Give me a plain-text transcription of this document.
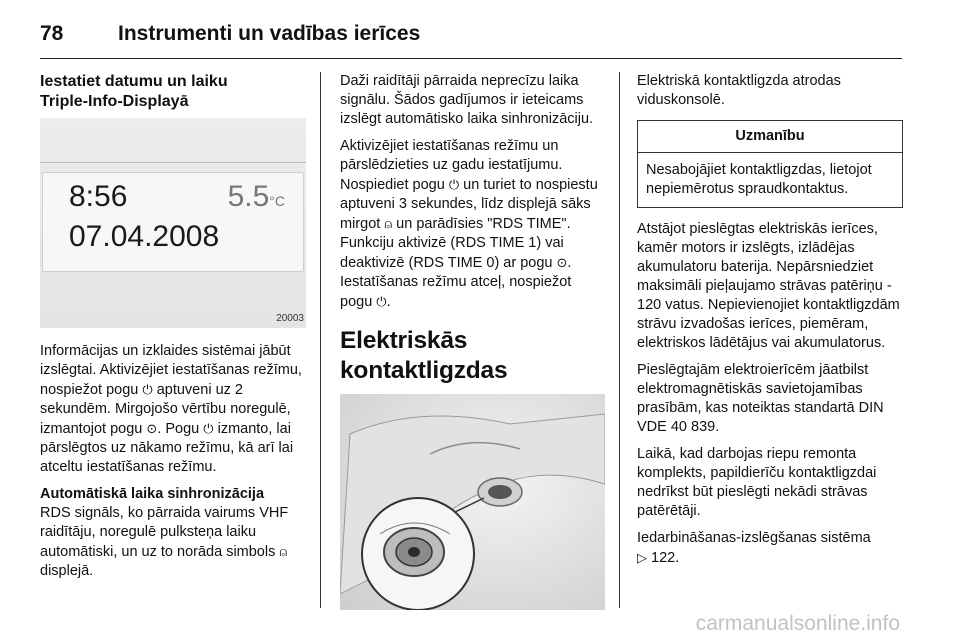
78	Instrumenti un vadības ierīces
Iestatiet datumu un laiku
Triple-Info-Displayā
8:56	5.5°C
07.04.2008
20003

Informācijas un izklaides sistēmai jābūt izslēgtai. Aktivizējiet iestatīšanas režīmu, nospiežot pogu ⏻ aptuveni uz 2 sekundēm. Mirgojošo vērtību noregulē, izmantojot pogu ⊙. Pogu ⏻ izmanto, lai pārslēgtos uz nākamo režīmu, kā arī lai atceltu iestatīšanas režīmu.

Automātiskā laika sinhronizācija

RDS signāls, ko pārraida vairums VHF raidītāju, noregulē pulksteņa laiku automātiski, un uz to norāda simbols ⍝ displejā.

Daži raidītāji pārraida neprecīzu laika signālu. Šādos gadījumos ir ieteicams izslēgt automātisko laika sinhronizāciju.

Aktivizējiet iestatīšanas režīmu un pārslēdzieties uz gadu iestatījumu. Nospiediet pogu ⏻ un turiet to nospiestu aptuveni 3 sekundes, līdz displejā sāks mirgot ⍝ un parādīsies "RDS TIME". Funkciju aktivizē (RDS TIME 1) vai deaktivizē (RDS TIME 0) ar pogu ⊙. Iestatīšanas režīmu atceļ, nospiežot pogu ⏻.

Elektriskās kontaktligzdas

Elektriskā kontaktligzda atrodas viduskonsolē.

Uzmanību

Nesabojājiet kontaktligzdas, lietojot nepiemērotus spraudkontaktus.

Atstājot pieslēgtas elektriskās ierīces, kamēr motors ir izslēgts, izlādējas akumulatoru baterija. Nepārsniedziet maksimāli pieļaujamo strāvas patēriņu - 120 vatus. Nepievienojiet kontaktligzdām strāvu izvadošas ierīces, piemēram, elektriskos lādētājus vai akumulatorus.

Pieslēgtajām elektroierīcēm jāatbilst elektromagnētiskās savietojamības prasībām, kas noteiktas standartā DIN VDE 40 839.

Laikā, kad darbojas riepu remonta komplekts, papildierīču kontaktligzdai nedrīkst būt pieslēgti nekādi strāvas patērētāji.

Iedarbināšanas-izslēgšanas sistēma
▷ 122.

carmanualsonline.info
